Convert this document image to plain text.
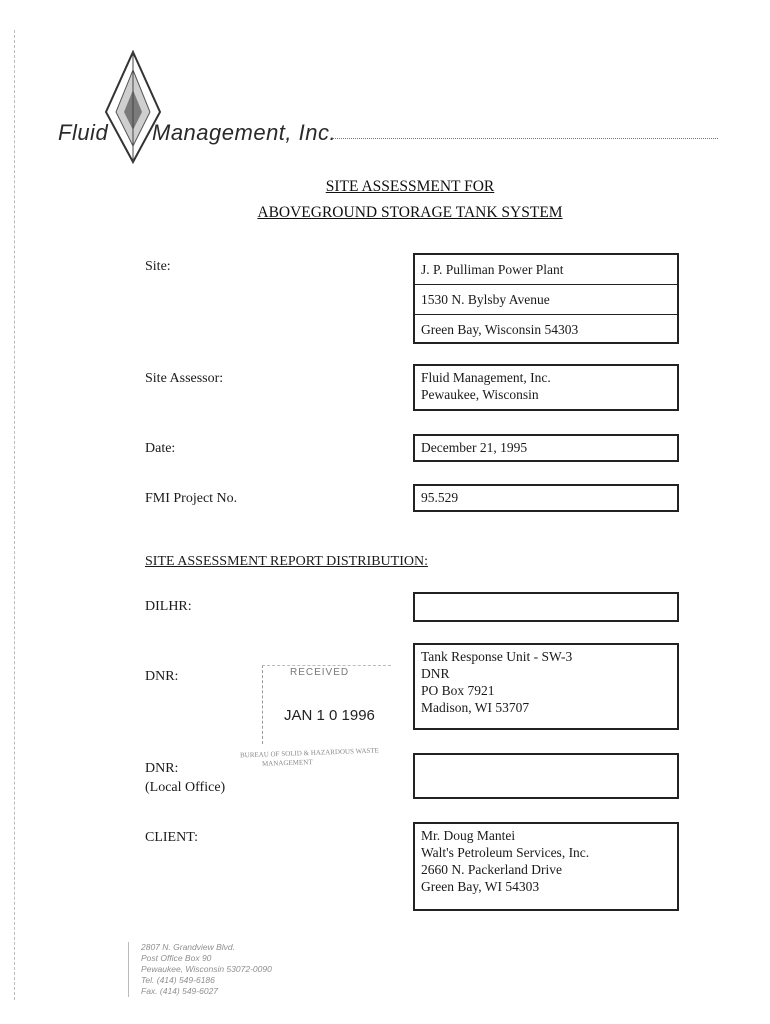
Fluid Management, Inc.
SITE ASSESSMENT FOR
ABOVEGROUND STORAGE TANK SYSTEM
Site:	J. P. Pulliman Power Plant
1530 N. Bylsby Avenue
Green Bay, Wisconsin 54303
Site Assessor:	Fluid Management, Inc.
Pewaukee, Wisconsin
Date:	December 21, 1995
FMI Project No.	95.529
SITE ASSESSMENT REPORT DISTRIBUTION:
DILHR:
DNR:
Tank Response Unit - SW-3
DNR
PO Box 7921
Madison, WI 53707
RECEIVED
JAN 1 0 1996
BUREAU OF SOLID & HAZARDOUS WASTE
MANAGEMENT
DNR:
(Local Office)
CLIENT:	Mr. Doug Mantei
Walt's Petroleum Services, Inc.
2660 N. Packerland Drive
Green Bay, WI 54303
2807 N. Grandview Blvd.
Post Office Box 90
Pewaukee, Wisconsin 53072-0090
Tel. (414) 549-6186
Fax. (414) 549-6027
